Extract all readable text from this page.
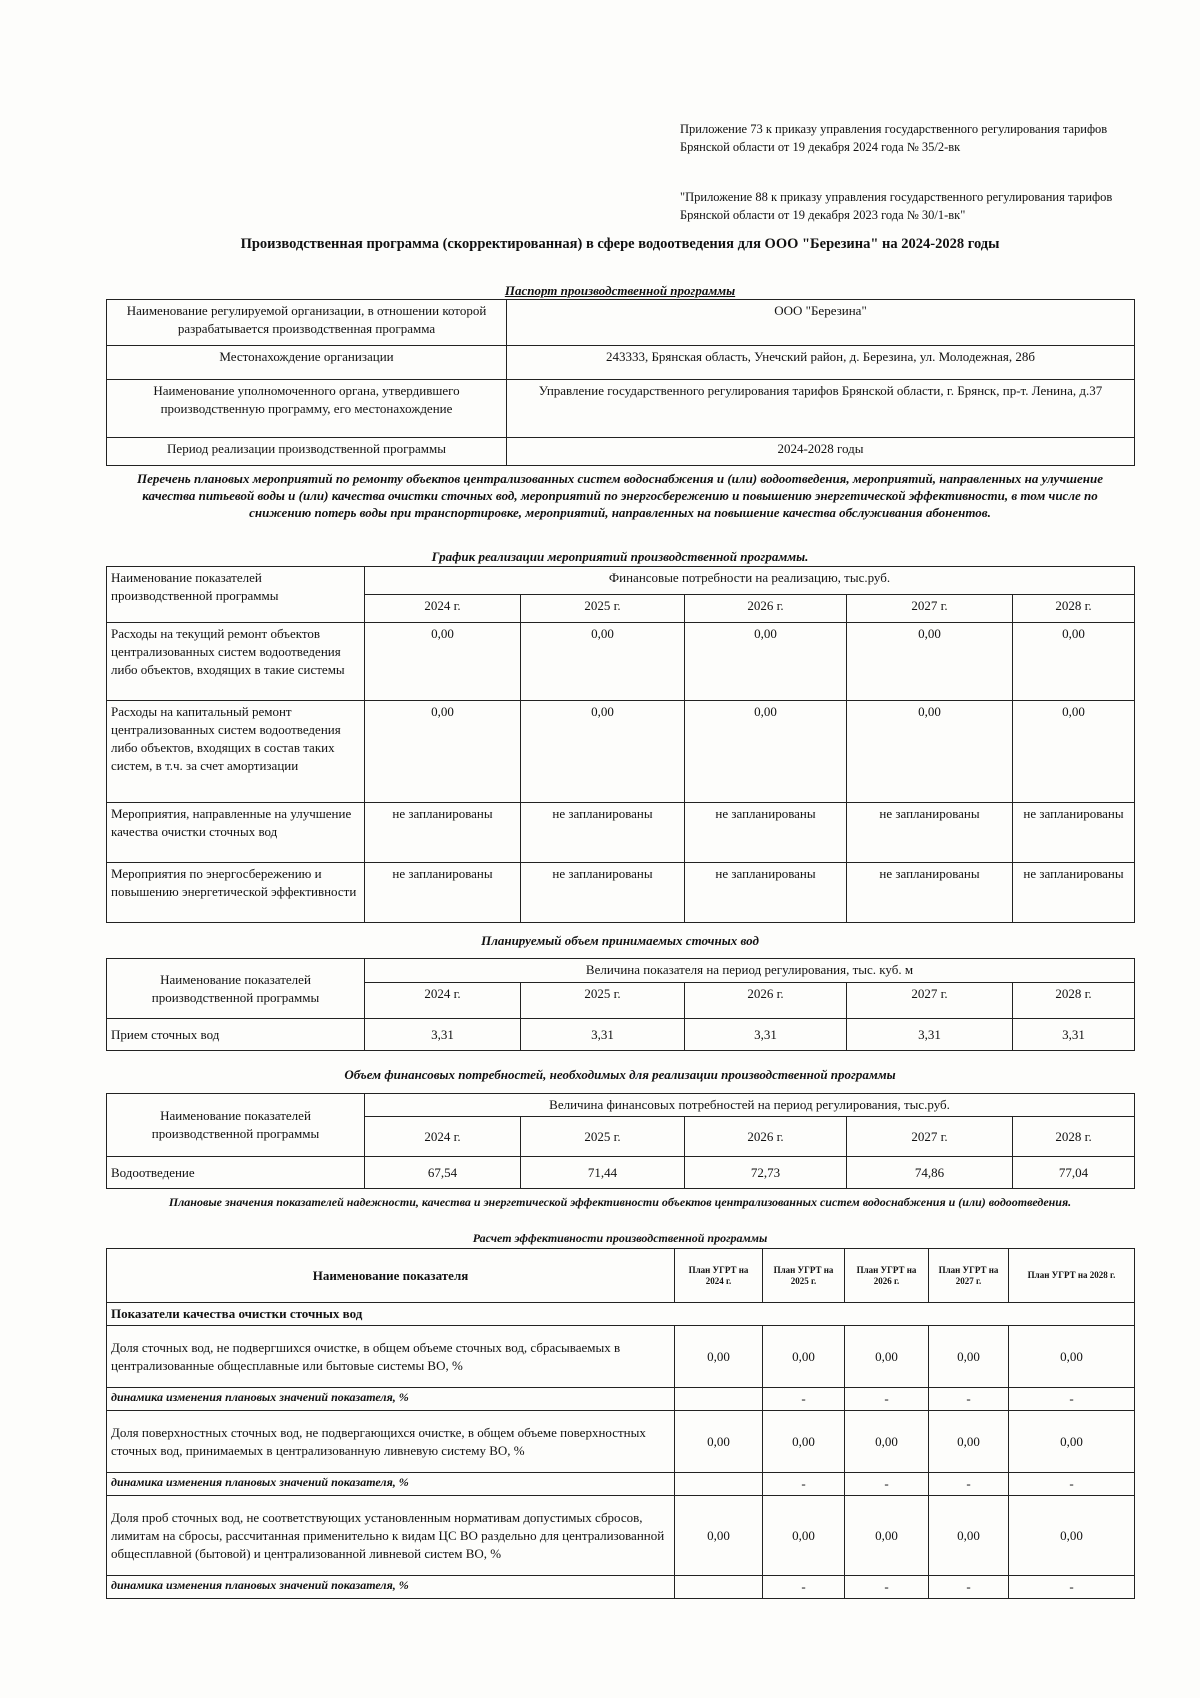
Приложение 73 к приказу управления государственного регулирования тарифов Брянской области от 19 декабря 2024 года № 35/2-вк
"Приложение 88 к приказу управления государственного регулирования тарифов Брянской области от 19 декабря 2023 года № 30/1-вк"
Производственная программа (скорректированная) в сфере водоотведения для ООО "Березина" на 2024-2028 годы
Паспорт производственной программы
Наименование регулируемой организации, в отношении которой разрабатывается производственная программа	ООО "Березина"
Местонахождение организации	243333, Брянская область, Унечский район, д. Березина, ул. Молодежная, 28б
Наименование уполномоченного органа, утвердившего производственную программу, его местонахождение	Управление государственного регулирования тарифов Брянской области, г. Брянск, пр-т. Ленина, д.37
Период реализации производственной программы	2024-2028 годы
Перечень плановых мероприятий по ремонту объектов централизованных систем водоснабжения и (или) водоотведения, мероприятий, направленных на улучшение качества питьевой воды и (или) качества очистки сточных вод, мероприятий по энергосбережению и повышению энергетической эффективности, в том числе по снижению потерь воды при транспортировке, мероприятий, направленных на повышение качества обслуживания абонентов.
График реализации мероприятий производственной программы.
Наименование показателей производственной программы	Финансовые потребности на реализацию, тыс.руб.				
	2024 г.	2025 г.	2026 г.	2027 г.	2028 г.
Расходы на текущий ремонт объектов централизованных систем водоотведения либо объектов, входящих в такие системы	0,00	0,00	0,00	0,00	0,00
Расходы на капитальный ремонт централизованных систем водоотведения либо объектов, входящих в состав таких систем, в т.ч. за счет амортизации	0,00	0,00	0,00	0,00	0,00
Мероприятия, направленные на улучшение качества очистки сточных вод	не запланированы	не запланированы	не запланированы	не запланированы	не запланированы
Мероприятия по энергосбережению и повышению энергетической эффективности	не запланированы	не запланированы	не запланированы	не запланированы	не запланированы
Планируемый объем принимаемых сточных вод
Наименование показателей производственной программы	Величина показателя на период регулирования, тыс. куб. м				
	2024 г.	2025 г.	2026 г.	2027 г.	2028 г.
Прием сточных вод	3,31	3,31	3,31	3,31	3,31
Объем финансовых потребностей, необходимых для реализации производственной программы
Наименование показателей производственной программы	Величина финансовых потребностей на период регулирования, тыс.руб.				
	2024 г.	2025 г.	2026 г.	2027 г.	2028 г.
Водоотведение	67,54	71,44	72,73	74,86	77,04
Плановые значения показателей надежности, качества и энергетической эффективности объектов централизованных систем водоснабжения и (или) водоотведения.
Расчет эффективности производственной программы
Наименование показателя	План УГРТ на 2024 г.	План УГРТ на 2025 г.	План УГРТ на 2026 г.	План УГРТ на 2027 г.	План УГРТ на 2028 г.
Показатели качества очистки сточных вод					
Доля сточных вод, не подвергшихся очистке, в общем объеме сточных вод, сбрасываемых в централизованные общесплавные или бытовые системы ВО, %	0,00	0,00	0,00	0,00	0,00
динамика изменения плановых значений показателя, %		-	-	-	-
Доля поверхностных сточных вод, не подвергающихся очистке, в общем объеме поверхностных сточных вод, принимаемых в централизованную ливневую систему ВО, %	0,00	0,00	0,00	0,00	0,00
динамика изменения плановых значений показателя, %		-	-	-	-
Доля проб сточных вод, не соответствующих установленным нормативам допустимых сбросов, лимитам на сбросы, рассчитанная применительно к видам ЦС ВО раздельно для централизованной общесплавной (бытовой) и централизованной ливневой систем ВО, %	0,00	0,00	0,00	0,00	0,00
динамика изменения плановых значений показателя, %		-	-	-	-
